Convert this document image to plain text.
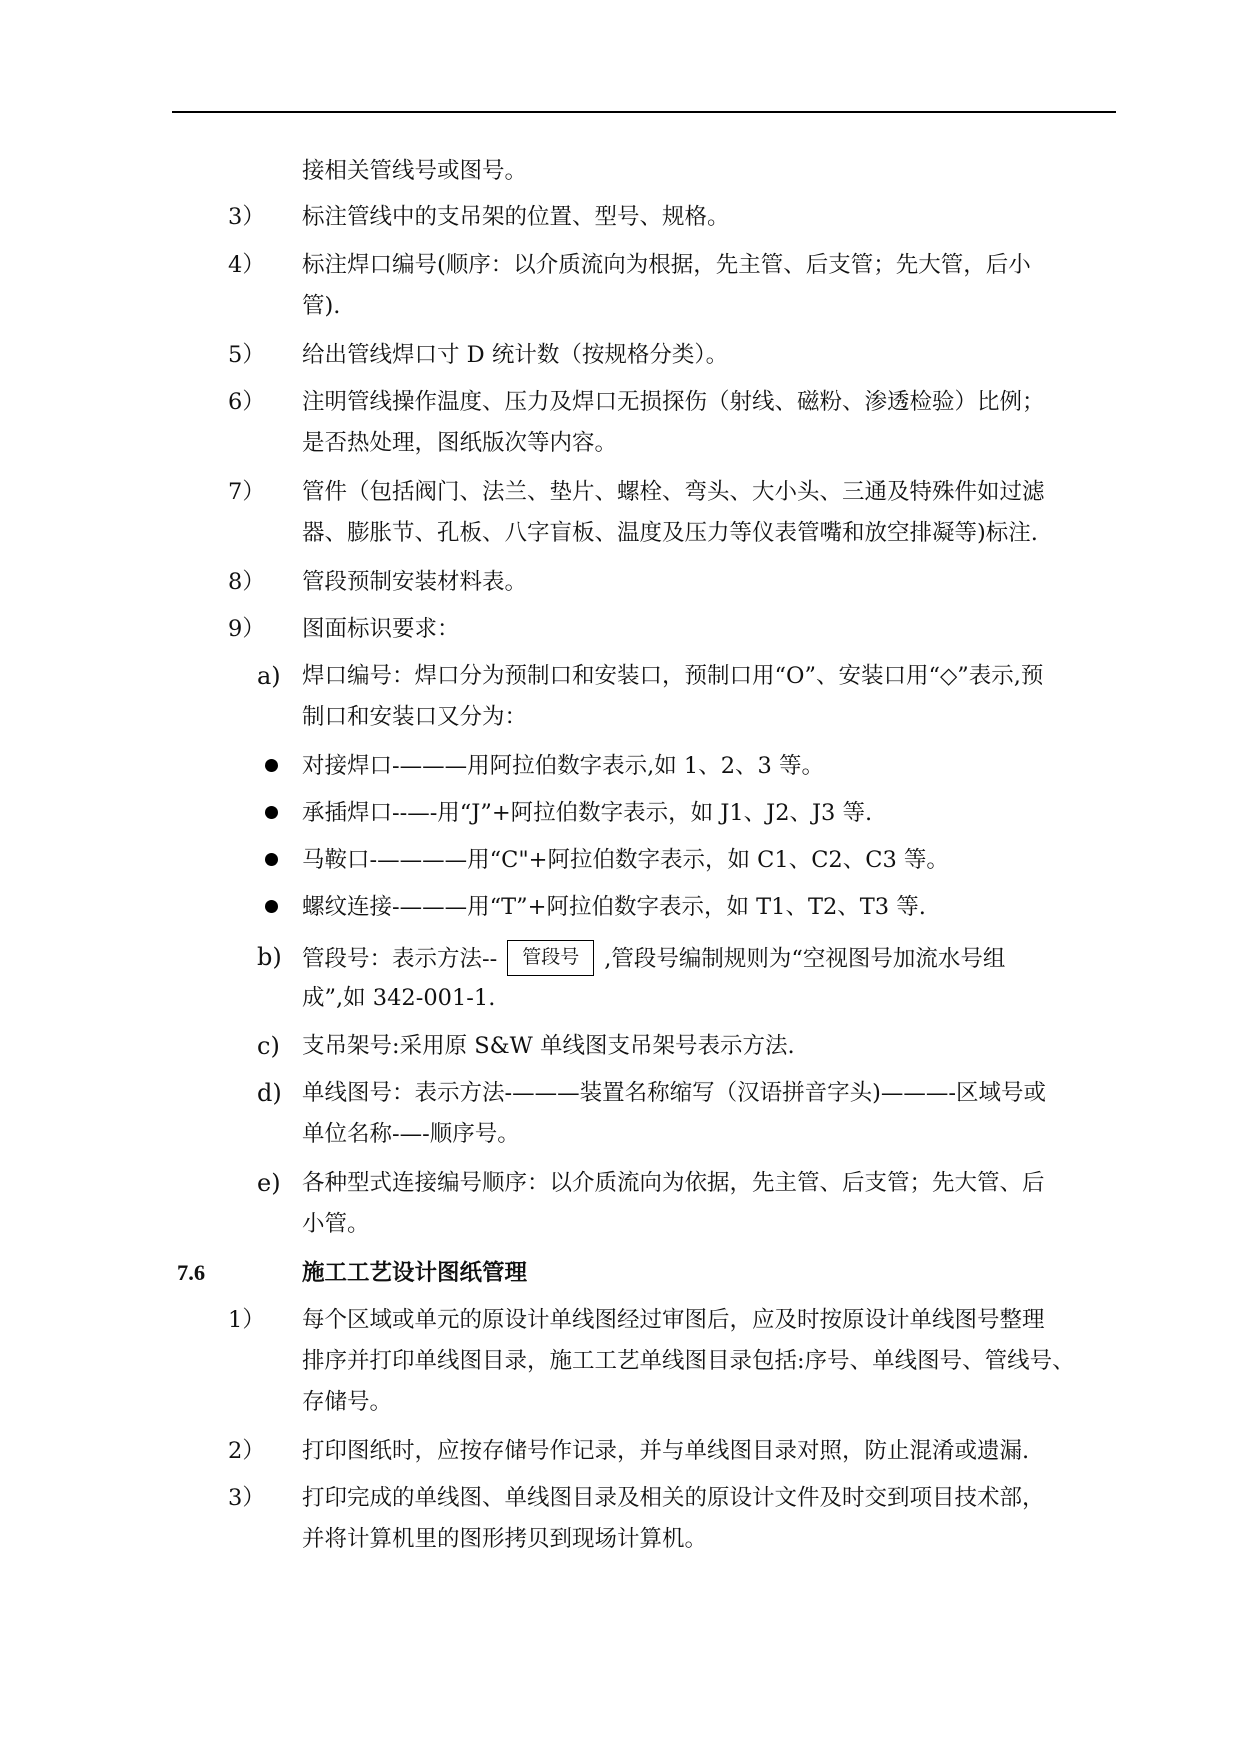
接相关管线号或图号。
3） 标注管线中的支吊架的位置、型号、规格。
4） 标注焊口编号(顺序：以介质流向为根据，先主管、后支管；先大管，后小
管).
5） 给出管线焊口寸 D 统计数（按规格分类）。
6） 注明管线操作温度、压力及焊口无损探伤（射线、磁粉、渗透检验）比例；
是否热处理，图纸版次等内容。
7） 管件（包括阀门、法兰、垫片、螺栓、弯头、大小头、三通及特殊件如过滤
器、膨胀节、孔板、八字盲板、温度及压力等仪表管嘴和放空排凝等)标注.
8） 管段预制安装材料表。
9） 图面标识要求：
a) 焊口编号：焊口分为预制口和安装口，预制口用“O”、安装口用“◇”表示,预
制口和安装口又分为：
对接焊口-———用阿拉伯数字表示,如 1、2、3 等。
承插焊口--—-用“J”+阿拉伯数字表示，如 J1、J2、J3 等.
马鞍口-————用“C"+阿拉伯数字表示，如 C1、C2、C3 等。
螺纹连接-———用“T”+阿拉伯数字表示，如 T1、T2、T3 等.
b) 管段号：表示方法-- 管段号 ,管段号编制规则为“空视图号加流水号组
成”,如 342-001-1.
c) 支吊架号:采用原 S&W 单线图支吊架号表示方法.
d) 单线图号：表示方法-———装置名称缩写（汉语拼音字头)———-区域号或
单位名称-—-顺序号。
e) 各种型式连接编号顺序：以介质流向为依据，先主管、后支管；先大管、后
小管。
7.6	施工工艺设计图纸管理
1） 每个区域或单元的原设计单线图经过审图后，应及时按原设计单线图号整理
排序并打印单线图目录，施工工艺单线图目录包括:序号、单线图号、管线号、
存储号。
2） 打印图纸时，应按存储号作记录，并与单线图目录对照，防止混淆或遗漏.
3） 打印完成的单线图、单线图目录及相关的原设计文件及时交到项目技术部，
并将计算机里的图形拷贝到现场计算机。
